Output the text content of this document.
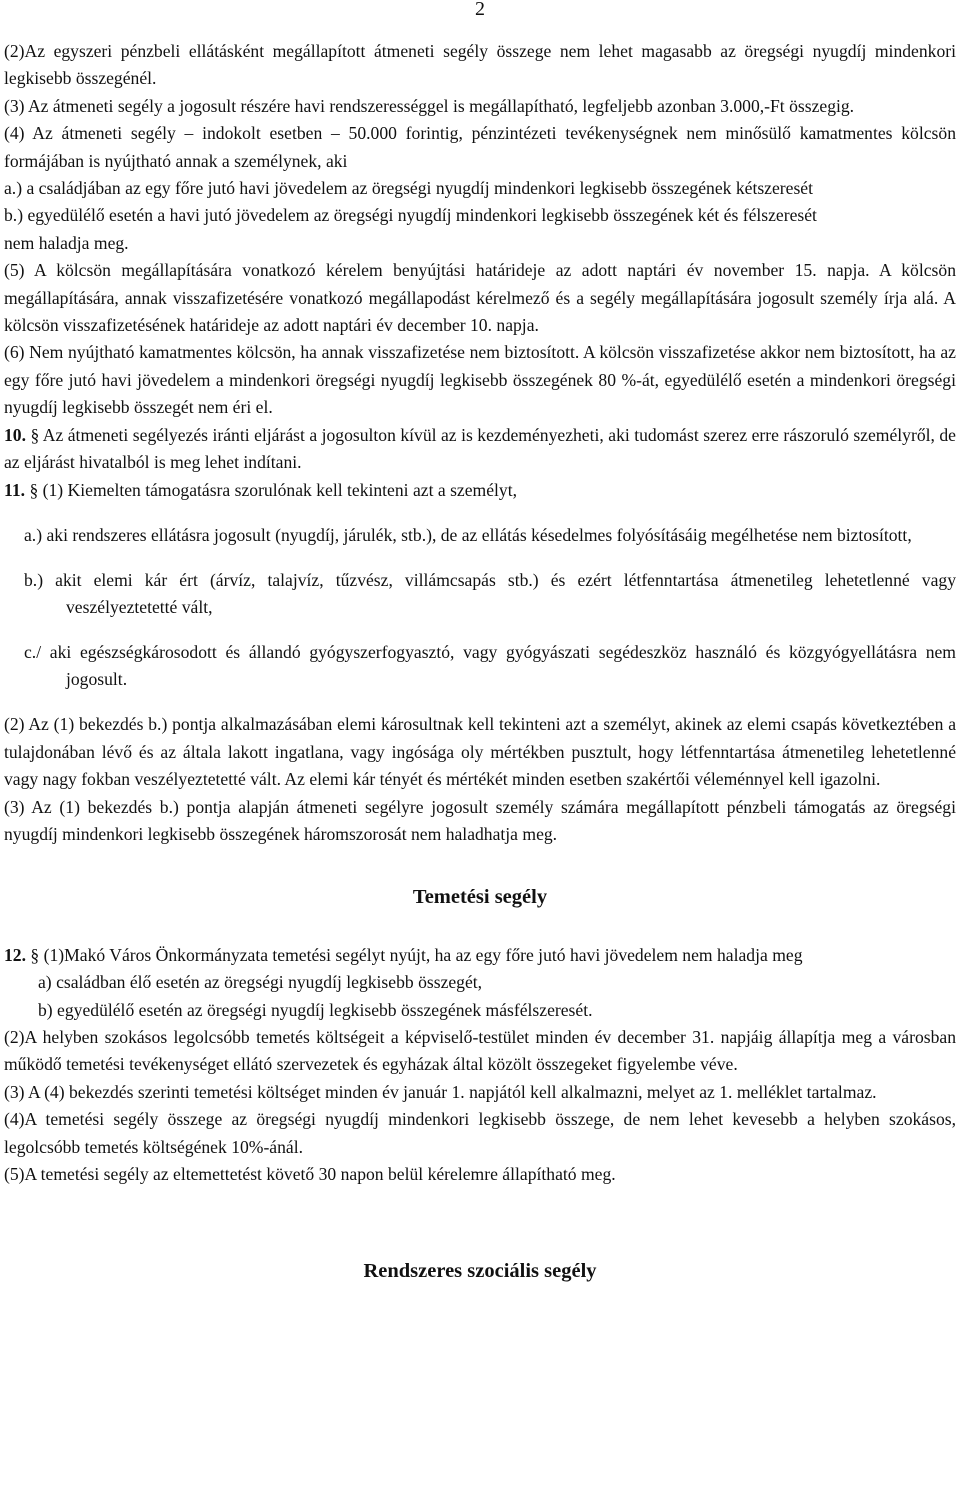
2

(2)Az egyszeri pénzbeli ellátásként megállapított átmeneti segély összege nem lehet magasabb az öregségi nyugdíj mindenkori legkisebb összegénél.

(3) Az átmeneti segély a jogosult részére havi rendszerességgel is megállapítható, legfeljebb azonban 3.000,-Ft összegig.

(4) Az átmeneti segély – indokolt esetben – 50.000 forintig, pénzintézeti tevékenységnek nem minősülő kamatmentes kölcsön formájában is nyújtható annak a személynek, aki

a.) a családjában az egy főre jutó havi jövedelem az öregségi nyugdíj mindenkori legkisebb összegének kétszeresét

b.) egyedülélő esetén a havi jutó jövedelem az öregségi nyugdíj mindenkori legkisebb összegének két és félszeresét

nem haladja meg.

(5) A kölcsön megállapítására vonatkozó kérelem benyújtási határideje az adott naptári év november 15. napja. A kölcsön megállapítására, annak visszafizetésére vonatkozó megállapodást kérelmező és a segély megállapítására jogosult személy írja alá. A kölcsön visszafizetésének határideje az adott naptári év december 10. napja.

(6) Nem nyújtható kamatmentes kölcsön, ha annak visszafizetése nem biztosított. A kölcsön visszafizetése akkor nem biztosított, ha az egy főre jutó havi jövedelem a mindenkori öregségi nyugdíj legkisebb összegének 80 %-át, egyedülélő esetén a mindenkori öregségi nyugdíj legkisebb összegét nem éri el.

10. § Az átmeneti segélyezés iránti eljárást a jogosulton kívül az is kezdeményezheti, aki tudomást szerez erre rászoruló személyről, de az eljárást hivatalból is meg lehet indítani.

11. § (1) Kiemelten támogatásra szorulónak kell tekinteni azt a személyt,

a.) aki rendszeres ellátásra jogosult (nyugdíj, járulék, stb.), de az ellátás késedelmes folyósításáig megélhetése nem biztosított,

b.) akit elemi kár ért (árvíz, talajvíz, tűzvész, villámcsapás stb.) és ezért létfenntartása átmenetileg lehetetlenné vagy veszélyeztetetté vált,

c./ aki egészségkárosodott és állandó gyógyszerfogyasztó, vagy gyógyászati segédeszköz használó és közgyógyellátásra nem jogosult.

(2) Az (1) bekezdés b.) pontja alkalmazásában elemi károsultnak kell tekinteni azt a személyt, akinek az elemi csapás következtében a tulajdonában lévő és az általa lakott ingatlana, vagy ingósága oly mértékben pusztult, hogy létfenntartása átmenetileg lehetetlenné vagy nagy fokban veszélyeztetetté vált. Az elemi kár tényét és mértékét minden esetben szakértői véleménnyel kell igazolni.

(3) Az (1) bekezdés b.) pontja alapján átmeneti segélyre jogosult személy számára megállapított pénzbeli támogatás az öregségi nyugdíj mindenkori legkisebb összegének háromszorosát nem haladhatja meg.

Temetési segély

12. § (1)Makó Város Önkormányzata temetési segélyt nyújt, ha az egy főre jutó havi jövedelem nem haladja meg

a) családban élő esetén az öregségi nyugdíj legkisebb összegét,

b) egyedülélő esetén az öregségi nyugdíj legkisebb összegének másfélszeresét.

(2)A helyben szokásos legolcsóbb temetés költségeit a képviselő-testület minden év december 31. napjáig állapítja meg a városban működő temetési tevékenységet ellátó szervezetek és egyházak által közölt összegeket figyelembe véve.

(3) A (4) bekezdés szerinti temetési költséget minden év január 1. napjától kell alkalmazni, melyet az 1. melléklet tartalmaz.

(4)A temetési segély összege az öregségi nyugdíj mindenkori legkisebb összege, de nem lehet kevesebb a helyben szokásos, legolcsóbb temetés költségének 10%-ánál.

(5)A temetési segély az eltemettetést követő 30 napon belül kérelemre állapítható meg.

Rendszeres szociális segély
